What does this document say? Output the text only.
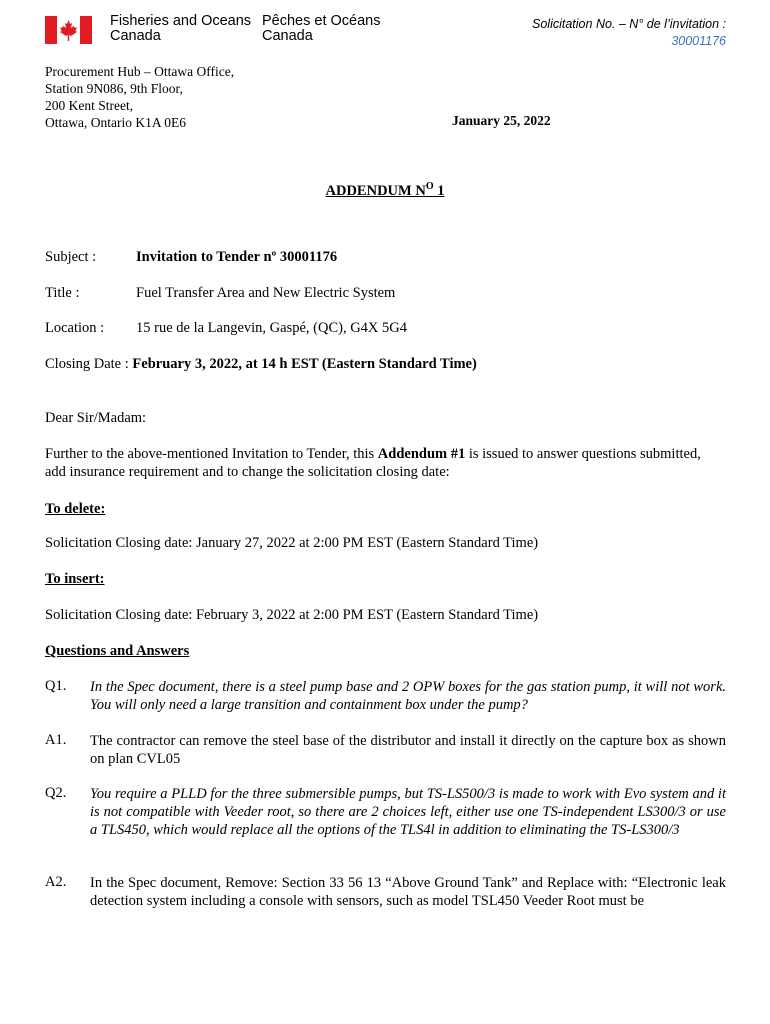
Fisheries and Oceans
Canada
Pêches et Océans
Canada
Solicitation No. – N° de l’invitation :
30001176
Procurement Hub – Ottawa Office,
Station 9N086, 9th Floor,
200 Kent Street,
Ottawa, Ontario K1A 0E6	January 25, 2022
ADDENDUM $N^O$ 1
Subject :	Invitation to Tender nº 30001176
Title :	Fuel Transfer Area and New Electric System
Location : 15 rue de la Langevin, Gaspé, (QC), G4X 5G4
Closing Date : February 3, 2022, at 14 h EST (Eastern Standard Time)
Dear Sir/Madam:
Further to the above-mentioned Invitation to Tender, this Addendum #1 is issued to answer questions submitted, add insurance requirement and to change the solicitation closing date:
To delete:
Solicitation Closing date: January 27, 2022 at 2:00 PM EST (Eastern Standard Time)
To insert:
Solicitation Closing date: February 3, 2022 at 2:00 PM EST (Eastern Standard Time)
Questions and Answers
Q1. In the Spec document, there is a steel pump base and 2 OPW boxes for the gas station pump, it will not work. You will only need a large transition and containment box under the pump?
A1. The contractor can remove the steel base of the distributor and install it directly on the capture box as shown on plan CVL05
Q2. You require a PLLD for the three submersible pumps, but TS-LS500/3 is made to work with Evo system and it is not compatible with Veeder root, so there are 2 choices left, either use one TS-independent LS300/3 or use a TLS450, which would replace all the options of the TLS4l in addition to eliminating the TS-LS300/3
A2. In the Spec document, Remove: Section 33 56 13 “Above Ground Tank” and Replace with: “Electronic leak detection system including a console with sensors, such as model TSL450 Veeder Root must be
